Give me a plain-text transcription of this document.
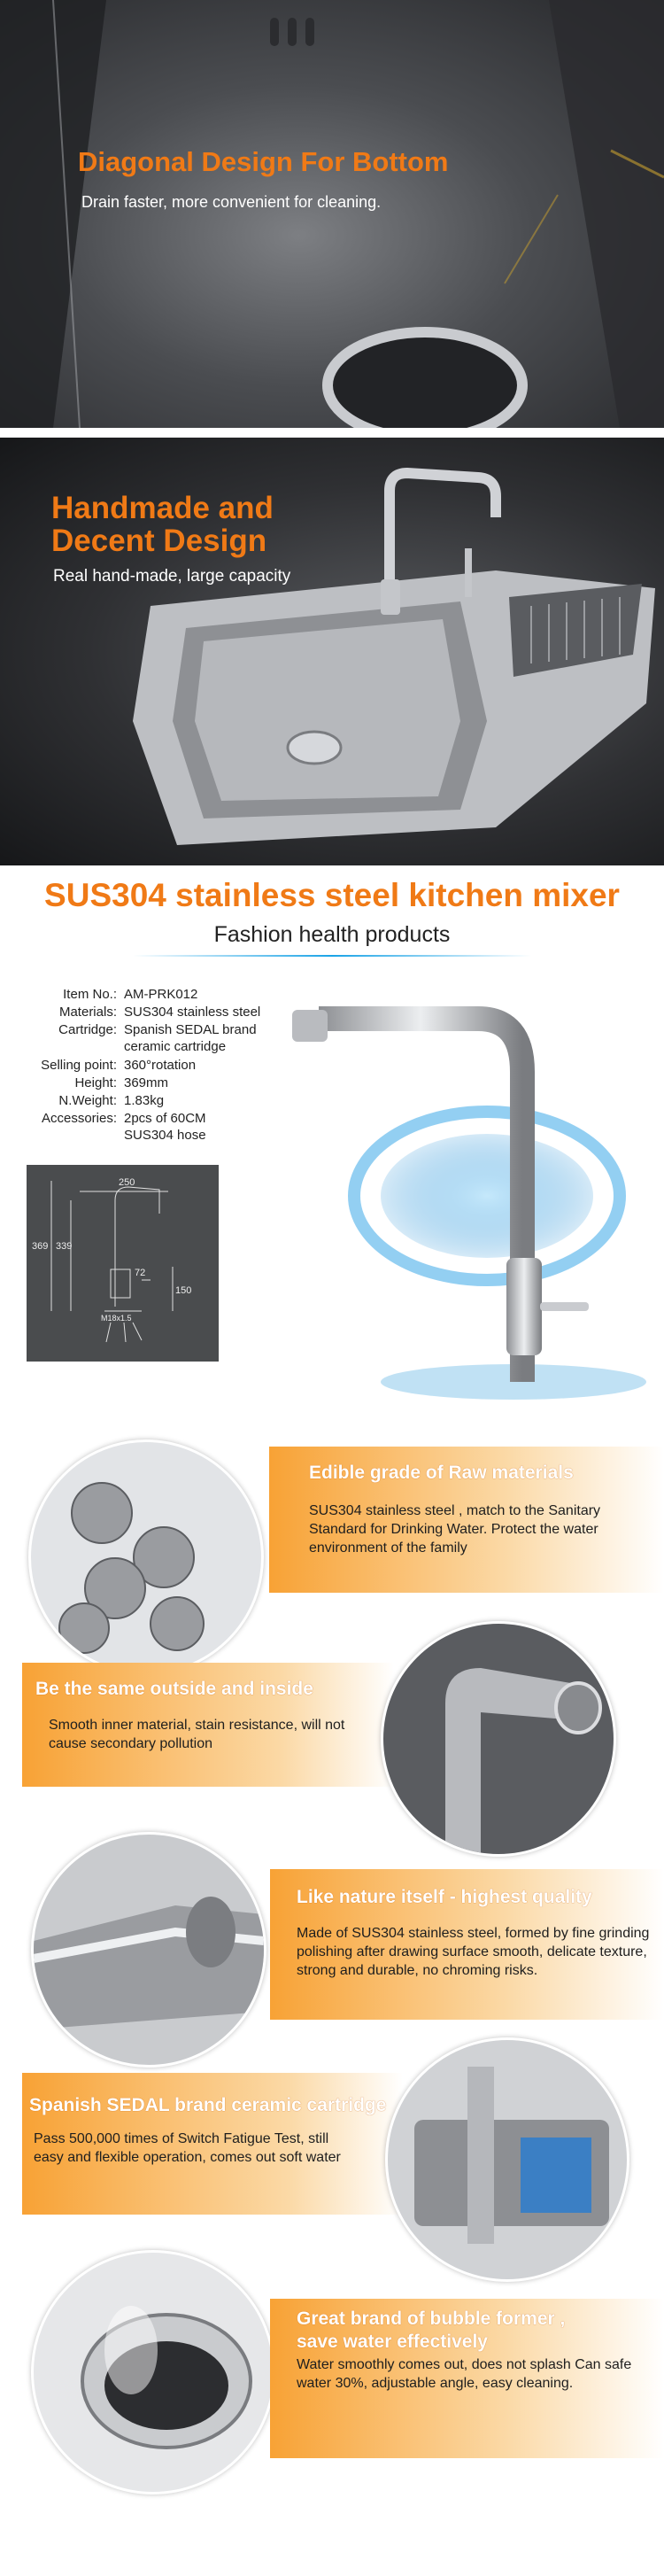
Diagonal Design For Bottom
Drain faster, more convenient for cleaning.
Handmade and
Decent Design
Real hand-made, large capacity
SUS304 stainless steel kitchen mixer
Fashion health products
Item No.: AM-PRK012
Materials: SUS304 stainless steel
Cartridge: Spanish SEDAL brand ceramic cartridge
Selling point: 360°rotation
Height: 369mm
N.Weight: 1.83kg
Accessories: 2pcs of 60CM SUS304 hose
250
72
369 339
150
M18x1.5
Edible grade of Raw materials
SUS304 stainless steel , match to the Sanitary Standard for Drinking Water. Protect the water environment of the family
Be the same outside and inside
Smooth inner material, stain resistance, will not cause secondary pollution
Like nature itself - highest quality
Made of SUS304 stainless steel, formed by fine grinding polishing after drawing surface smooth, delicate texture, strong and durable, no chroming risks.
Spanish SEDAL brand ceramic cartridge
Pass 500,000 times of Switch Fatigue Test, still easy and flexible operation, comes out soft water
Great brand of bubble former ,
save water effectively
Water smoothly comes out, does not splash Can safe water 30%, adjustable angle, easy cleaning.
